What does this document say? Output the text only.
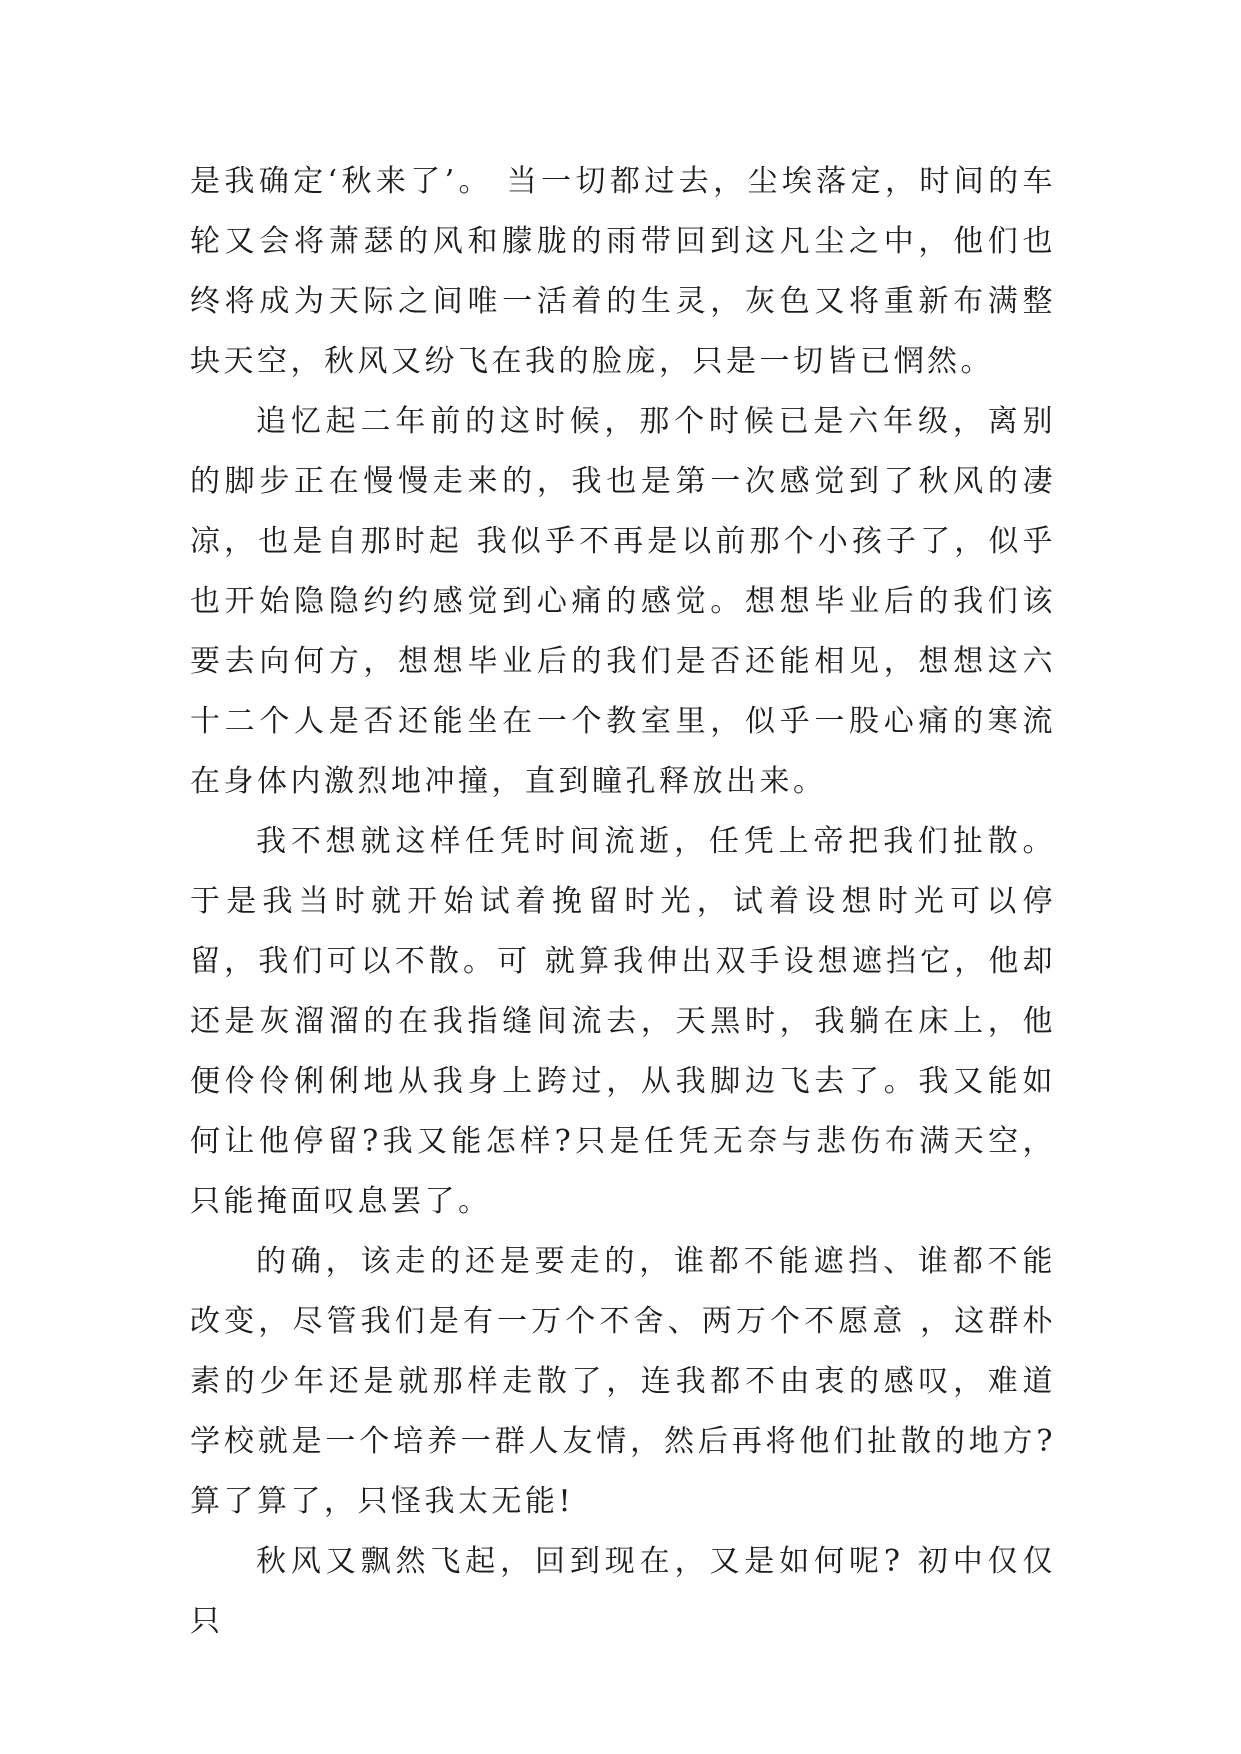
是我确定‘秋来了’。 当一切都过去，尘埃落定，时间的车轮又会将萧瑟的风和朦胧的雨带回到这凡尘之中，他们也终将成为天际之间唯一活着的生灵，灰色又将重新布满整块天空，秋风又纷飞在我的脸庞，只是一切皆已惘然。

追忆起二年前的这时候，那个时候已是六年级，离别的脚步正在慢慢走来的，我也是第一次感觉到了秋风的凄凉，也是自那时起 我似乎不再是以前那个小孩子了，似乎也开始隐隐约约感觉到心痛的感觉。想想毕业后的我们该要去向何方，想想毕业后的我们是否还能相见，想想这六十二个人是否还能坐在一个教室里，似乎一股心痛的寒流在身体内激烈地冲撞，直到瞳孔释放出来。

我不想就这样任凭时间流逝，任凭上帝把我们扯散。于是我当时就开始试着挽留时光，试着设想时光可以停留，我们可以不散。可 就算我伸出双手设想遮挡它，他却还是灰溜溜的在我指缝间流去，天黑时，我躺在床上，他便伶伶俐俐地从我身上跨过，从我脚边飞去了。我又能如何让他停留?我又能怎样?只是任凭无奈与悲伤布满天空，只能掩面叹息罢了。

的确，该走的还是要走的，谁都不能遮挡、谁都不能改变，尽管我们是有一万个不舍、两万个不愿意 ，这群朴素的少年还是就那样走散了，连我都不由衷的感叹，难道学校就是一个培养一群人友情，然后再将他们扯散的地方?算了算了，只怪我太无能!

秋风又飘然飞起，回到现在，又是如何呢? 初中仅仅只
